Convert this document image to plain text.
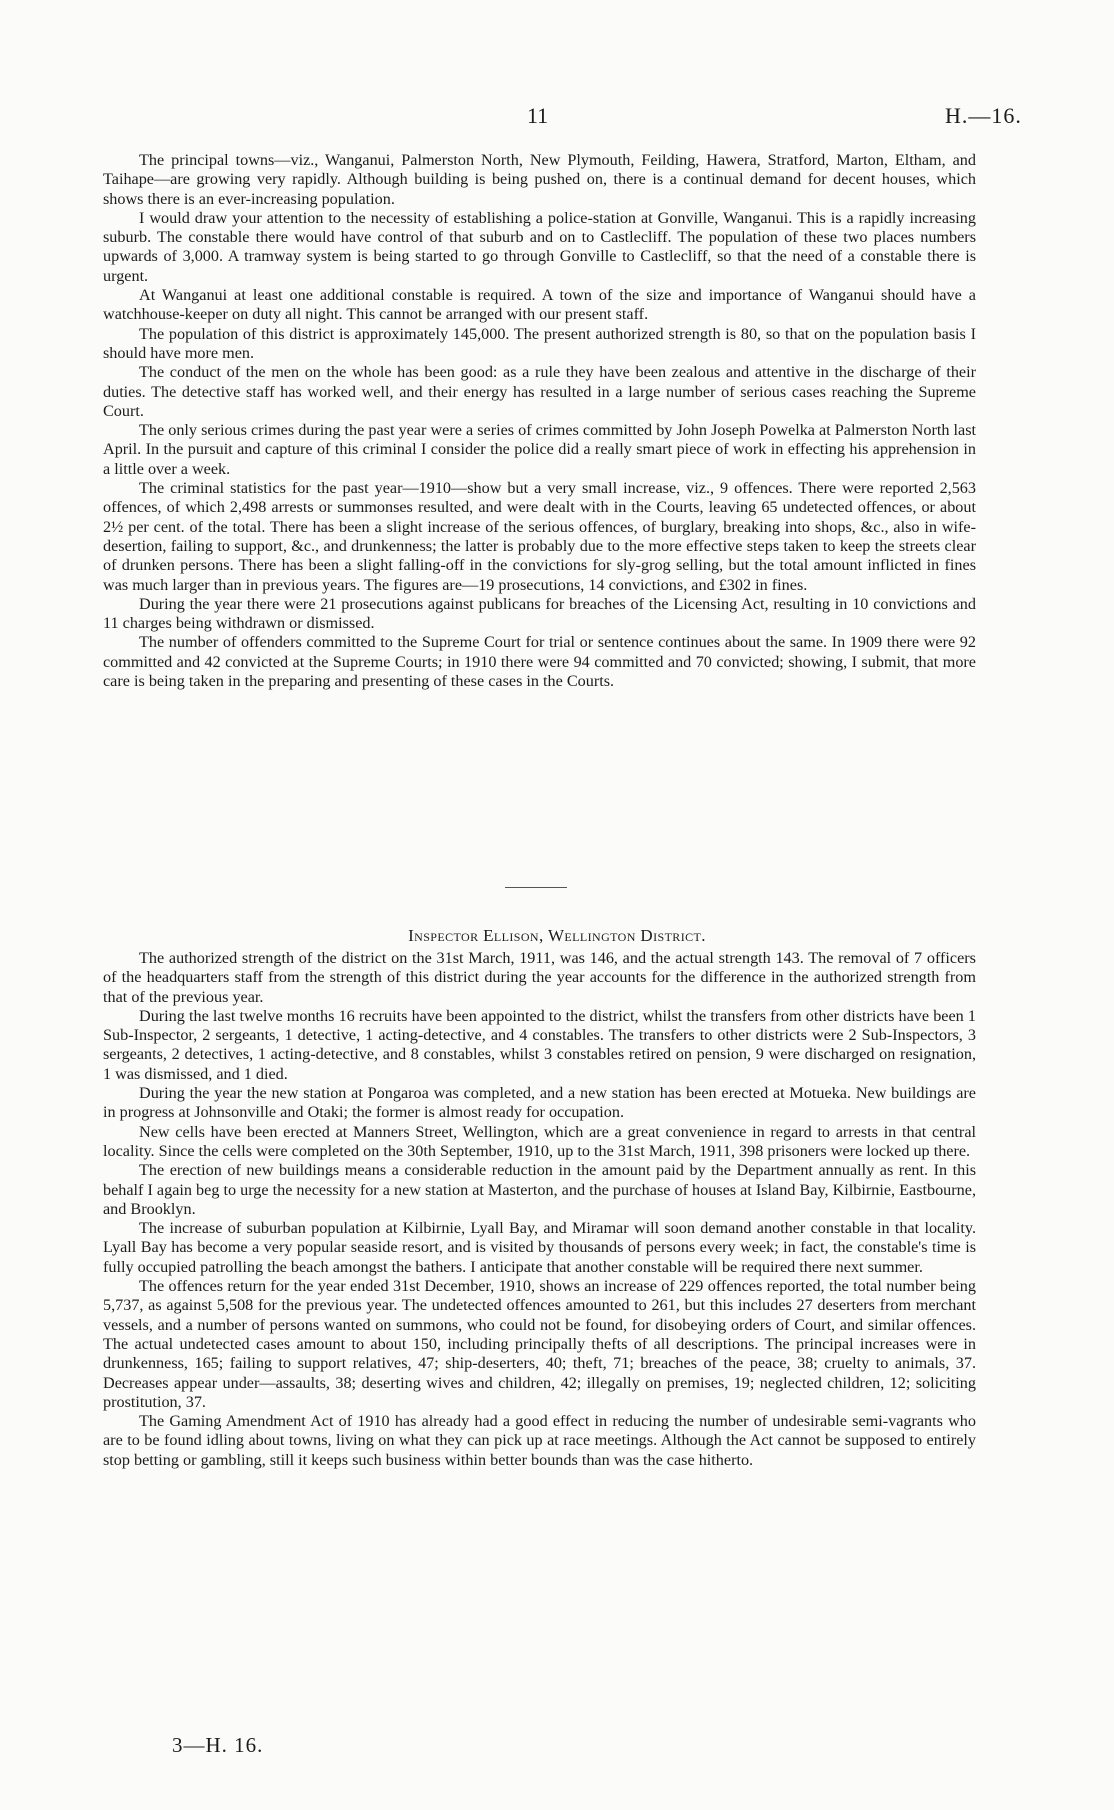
11	H.—16.

The principal towns—viz., Wanganui, Palmerston North, New Plymouth, Feilding, Hawera, Stratford, Marton, Eltham, and Taihape—are growing very rapidly. Although building is being pushed on, there is a continual demand for decent houses, which shows there is an ever-increasing population.

I would draw your attention to the necessity of establishing a police-station at Gonville, Wanganui. This is a rapidly increasing suburb. The constable there would have control of that suburb and on to Castlecliff. The population of these two places numbers upwards of 3,000. A tramway system is being started to go through Gonville to Castlecliff, so that the need of a constable there is urgent.

At Wanganui at least one additional constable is required. A town of the size and importance of Wanganui should have a watchhouse-keeper on duty all night. This cannot be arranged with our present staff.

The population of this district is approximately 145,000. The present authorized strength is 80, so that on the population basis I should have more men.

The conduct of the men on the whole has been good: as a rule they have been zealous and attentive in the discharge of their duties. The detective staff has worked well, and their energy has resulted in a large number of serious cases reaching the Supreme Court.

The only serious crimes during the past year were a series of crimes committed by John Joseph Powelka at Palmerston North last April. In the pursuit and capture of this criminal I consider the police did a really smart piece of work in effecting his apprehension in a little over a week.

The criminal statistics for the past year—1910—show but a very small increase, viz., 9 offences. There were reported 2,563 offences, of which 2,498 arrests or summonses resulted, and were dealt with in the Courts, leaving 65 undetected offences, or about 2½ per cent. of the total. There has been a slight increase of the serious offences, of burglary, breaking into shops, &c., also in wife-desertion, failing to support, &c., and drunkenness; the latter is probably due to the more effective steps taken to keep the streets clear of drunken persons. There has been a slight falling-off in the convictions for sly-grog selling, but the total amount inflicted in fines was much larger than in previous years. The figures are—19 prosecutions, 14 convictions, and £302 in fines.

During the year there were 21 prosecutions against publicans for breaches of the Licensing Act, resulting in 10 convictions and 11 charges being withdrawn or dismissed.

The number of offenders committed to the Supreme Court for trial or sentence continues about the same. In 1909 there were 92 committed and 42 convicted at the Supreme Courts; in 1910 there were 94 committed and 70 convicted; showing, I submit, that more care is being taken in the preparing and presenting of these cases in the Courts.

Inspector Ellison, Wellington District.

The authorized strength of the district on the 31st March, 1911, was 146, and the actual strength 143. The removal of 7 officers of the headquarters staff from the strength of this district during the year accounts for the difference in the authorized strength from that of the previous year.

During the last twelve months 16 recruits have been appointed to the district, whilst the transfers from other districts have been 1 Sub-Inspector, 2 sergeants, 1 detective, 1 acting-detective, and 4 constables. The transfers to other districts were 2 Sub-Inspectors, 3 sergeants, 2 detectives, 1 acting-detective, and 8 constables, whilst 3 constables retired on pension, 9 were discharged on resignation, 1 was dismissed, and 1 died.

During the year the new station at Pongaroa was completed, and a new station has been erected at Motueka. New buildings are in progress at Johnsonville and Otaki; the former is almost ready for occupation.

New cells have been erected at Manners Street, Wellington, which are a great convenience in regard to arrests in that central locality. Since the cells were completed on the 30th September, 1910, up to the 31st March, 1911, 398 prisoners were locked up there.

The erection of new buildings means a considerable reduction in the amount paid by the Department annually as rent. In this behalf I again beg to urge the necessity for a new station at Masterton, and the purchase of houses at Island Bay, Kilbirnie, Eastbourne, and Brooklyn.

The increase of suburban population at Kilbirnie, Lyall Bay, and Miramar will soon demand another constable in that locality. Lyall Bay has become a very popular seaside resort, and is visited by thousands of persons every week; in fact, the constable's time is fully occupied patrolling the beach amongst the bathers. I anticipate that another constable will be required there next summer.

The offences return for the year ended 31st December, 1910, shows an increase of 229 offences reported, the total number being 5,737, as against 5,508 for the previous year. The undetected offences amounted to 261, but this includes 27 deserters from merchant vessels, and a number of persons wanted on summons, who could not be found, for disobeying orders of Court, and similar offences. The actual undetected cases amount to about 150, including principally thefts of all descriptions. The principal increases were in drunkenness, 165; failing to support relatives, 47; ship-deserters, 40; theft, 71; breaches of the peace, 38; cruelty to animals, 37. Decreases appear under—assaults, 38; deserting wives and children, 42; illegally on premises, 19; neglected children, 12; soliciting prostitution, 37.

The Gaming Amendment Act of 1910 has already had a good effect in reducing the number of undesirable semi-vagrants who are to be found idling about towns, living on what they can pick up at race meetings. Although the Act cannot be supposed to entirely stop betting or gambling, still it keeps such business within better bounds than was the case hitherto.

3—H. 16.
